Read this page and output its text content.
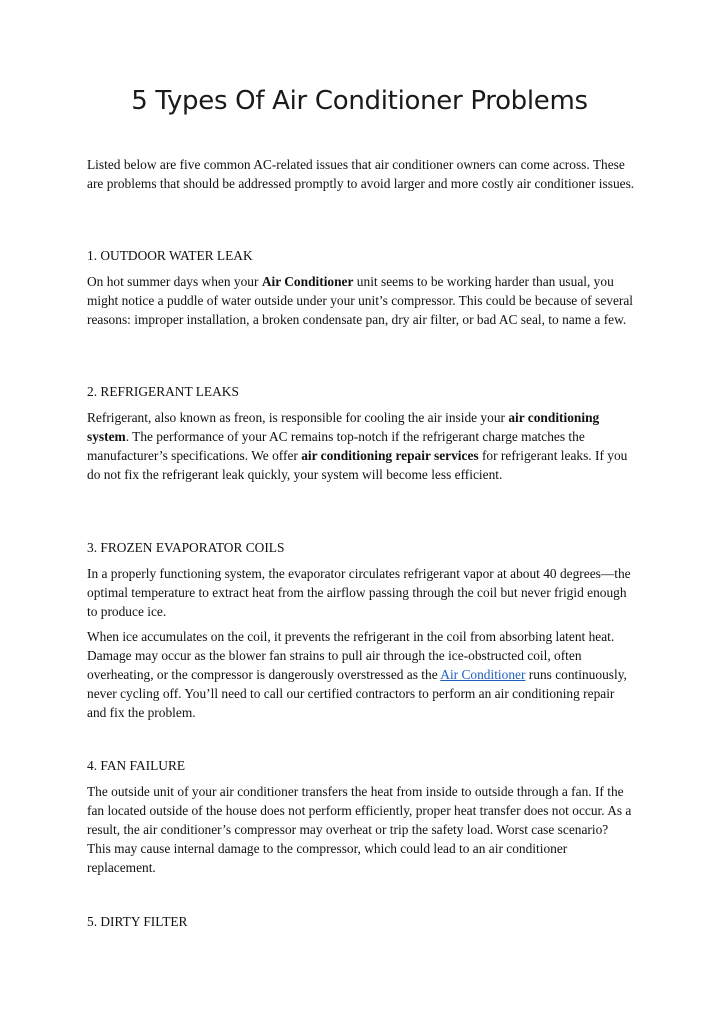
5 Types Of Air Conditioner Problems

Listed below are five common AC-related issues that air conditioner owners can come across. These are problems that should be addressed promptly to avoid larger and more costly air conditioner issues.

1. OUTDOOR WATER LEAK

On hot summer days when your Air Conditioner unit seems to be working harder than usual, you might notice a puddle of water outside under your unit’s compressor. This could be because of several reasons: improper installation, a broken condensate pan, dry air filter, or bad AC seal, to name a few.

2. REFRIGERANT LEAKS

Refrigerant, also known as freon, is responsible for cooling the air inside your air conditioning system. The performance of your AC remains top-notch if the refrigerant charge matches the manufacturer’s specifications. We offer air conditioning repair services for refrigerant leaks. If you do not fix the refrigerant leak quickly, your system will become less efficient.

3. FROZEN EVAPORATOR COILS

In a properly functioning system, the evaporator circulates refrigerant vapor at about 40 degrees—the optimal temperature to extract heat from the airflow passing through the coil but never frigid enough to produce ice.

When ice accumulates on the coil, it prevents the refrigerant in the coil from absorbing latent heat. Damage may occur as the blower fan strains to pull air through the ice-obstructed coil, often overheating, or the compressor is dangerously overstressed as the Air Conditioner runs continuously, never cycling off. You’ll need to call our certified contractors to perform an air conditioning repair and fix the problem.

4. FAN FAILURE

The outside unit of your air conditioner transfers the heat from inside to outside through a fan. If the fan located outside of the house does not perform efficiently, proper heat transfer does not occur. As a result, the air conditioner’s compressor may overheat or trip the safety load. Worst case scenario? This may cause internal damage to the compressor, which could lead to an air conditioner replacement.

5. DIRTY FILTER
